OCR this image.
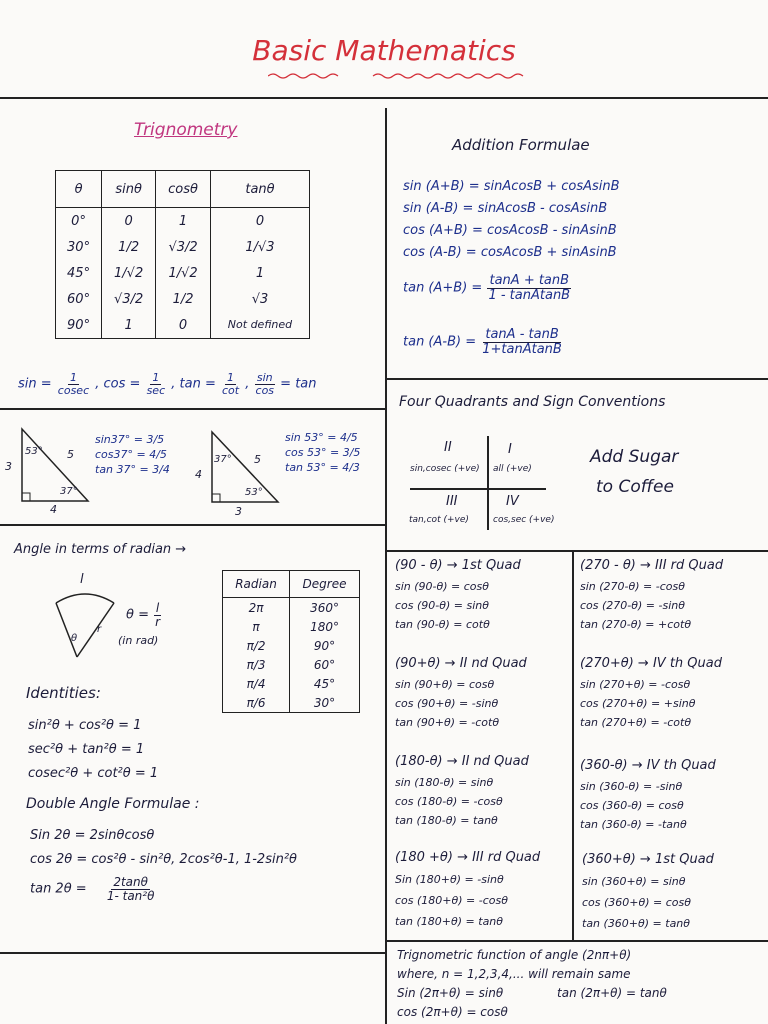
Basic Mathematics
Trignometry
θ	sinθ	cosθ	tanθ
0°	0	1	0
30°	1/2	√3/2	1/√3
45°	1/√2	1/√2	1
60°	√3/2	1/2	√3
90°	1	0	Not defined
$\sin = \frac{1}{cosec}$ , $\cos = \frac{1}{\sec}$ , $\tan = \frac{1}{\cot}$ , $\frac{\sin}{\cos} = \tan$
53°
37°
3
4
5
sin37° = 3/5
cos37° = 4/5
tan 37° = 3/4
37°
53°
4
3
5
sin 53° = 4/5
cos 53° = 3/5
tan 53° = 4/3
Angle in terms of radian →
l
r
θ
$\theta = \frac{l}{r}$
(in rad)
Radian	Degree
2π	360°
π	180°
π/2	90°
π/3	60°
π/4	45°
π/6	30°
Identities:
sin²θ + cos²θ = 1
sec²θ + tan²θ = 1
cosec²θ + cot²θ = 1
Double Angle Formulae :
Sin 2θ = 2sinθcosθ
cos 2θ = cos²θ - sin²θ, 2cos²θ-1, 1-2sin²θ
$\tan 2\theta = \frac{2\tan\theta}{\text{1- tan²θ}}$
Addition Formulae
sin (A+B) = sinAcosB + cosAsinB
sin (A-B) = sinAcosB - cosAsinB
cos (A+B) = cosAcosB - sinAsinB
cos (A-B) = cosAcosB + sinAsinB
$\tan (A+B) = \frac{\tan A + \tan B}{\text{1 - tanAtanB}}$
$\tan (A-B) = \frac{\tan A - \tan B}{\text{1+tanAtanB}}$
Four Quadrants and Sign Conventions
II
sin,cosec (+ve)
I
all (+ve)
III
tan,cot (+ve)
IV
cos,sec (+ve)
Add Sugar
to Coffee
(90 - θ) → 1st Quad
sin (90-θ) = cosθ
cos (90-θ) = sinθ
tan (90-θ) = cotθ
(270 - θ) → III rd Quad
sin (270-θ) = -cosθ
cos (270-θ) = -sinθ
tan (270-θ) = +cotθ
(90+θ) → II nd Quad
sin (90+θ) = cosθ
cos (90+θ) = -sinθ
tan (90+θ) = -cotθ
(270+θ) → IV th Quad
sin (270+θ) = -cosθ
cos (270+θ) = +sinθ
tan (270+θ) = -cotθ
(180-θ) → II nd Quad
sin (180-θ) = sinθ
cos (180-θ) = -cosθ
tan (180-θ) = tanθ
(360-θ) → IV th Quad
sin (360-θ) = -sinθ
cos (360-θ) = cosθ
tan (360-θ) = -tanθ
(180 +θ) → III rd Quad
Sin (180+θ) = -sinθ
cos (180+θ) = -cosθ
tan (180+θ) = tanθ
(360+θ) → 1st Quad
sin (360+θ) = sinθ
cos (360+θ) = cosθ
tan (360+θ) = tanθ
Trignometric function of angle (2nπ+θ)
where, n = 1,2,3,4,... will remain same
Sin (2π+θ) = sinθ	tan (2π+θ) = tanθ
cos (2π+θ) = cosθ
